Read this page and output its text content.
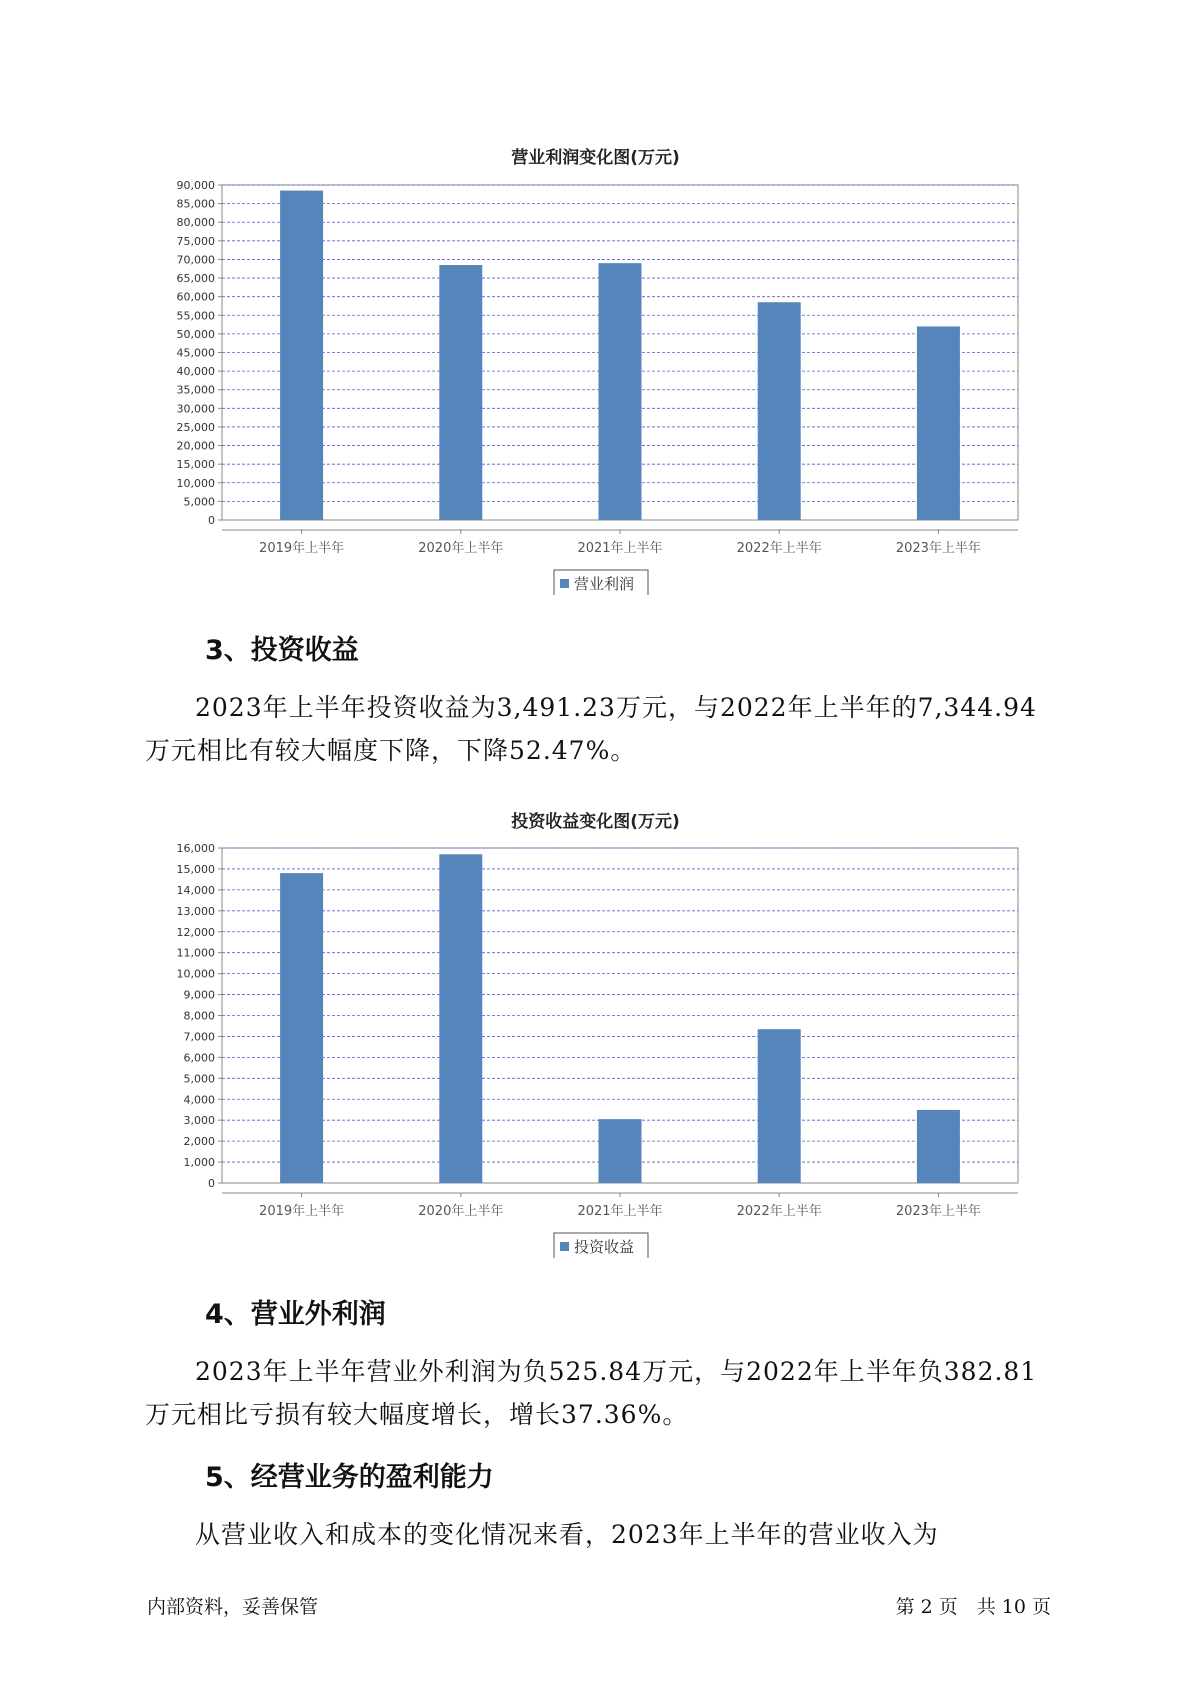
营业利润变化图(万元)
0
5,000
10,000
15,000
20,000
25,000
30,000
35,000
40,000
45,000
50,000
55,000
60,000
65,000
70,000
75,000
80,000
85,000
90,000
2019年上半年	2020年上半年	2021年上半年	2022年上半年	2023年上半年
营业利润
3、投资收益
2023年上半年投资收益为3,491.23万元，与2022年上半年的7,344.94
万元相比有较大幅度下降，下降52.47%。
投资收益变化图(万元)
0
1,000
2,000
3,000
4,000
5,000
6,000
7,000
8,000
9,000
10,000
11,000
12,000
13,000
14,000
15,000
16,000
2019年上半年	2020年上半年	2021年上半年	2022年上半年	2023年上半年
投资收益
4、营业外利润
2023年上半年营业外利润为负525.84万元，与2022年上半年负382.81
万元相比亏损有较大幅度增长，增长37.36%。
5、经营业务的盈利能力
从营业收入和成本的变化情况来看，2023年上半年的营业收入为
内部资料，妥善保管	第 2 页　共 10 页
